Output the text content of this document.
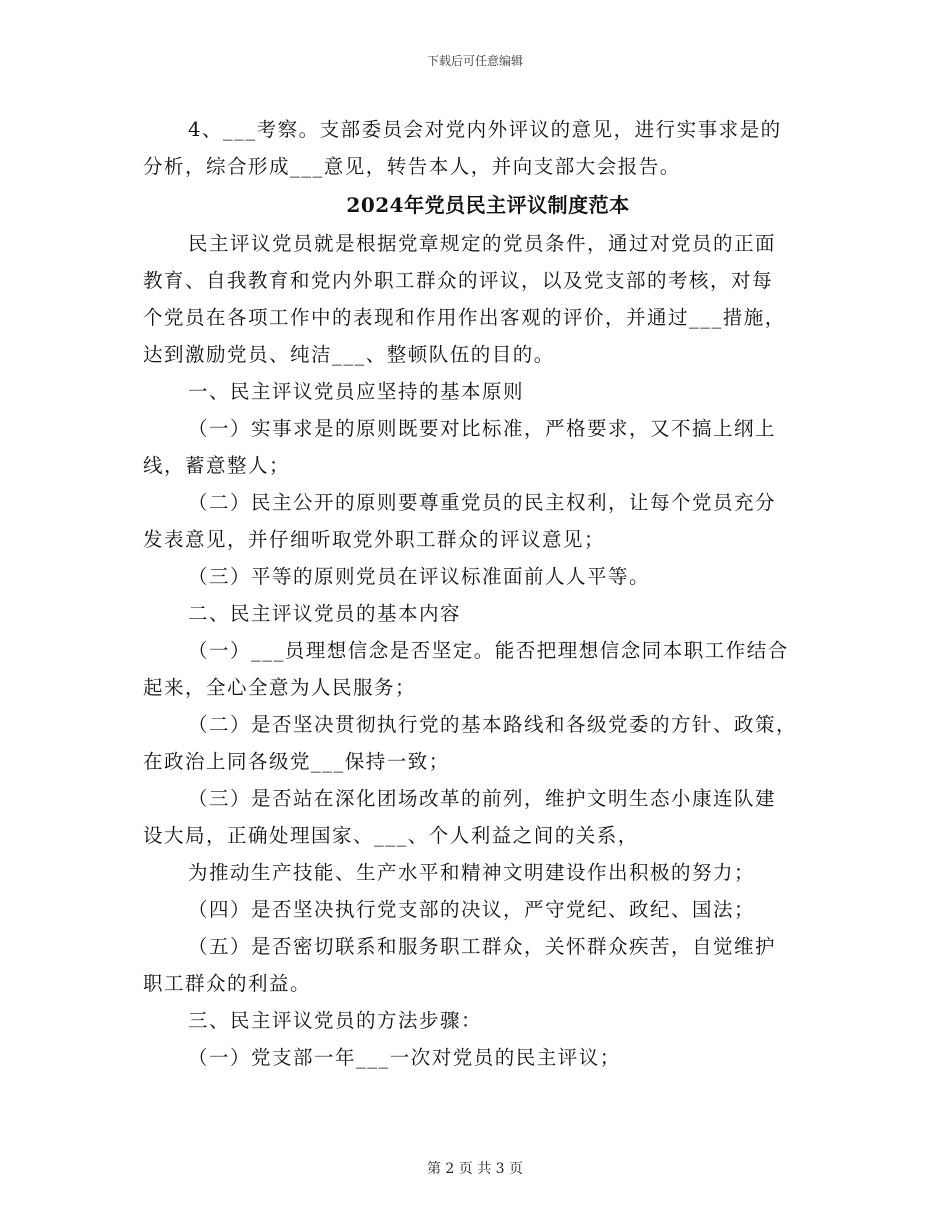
下载后可任意编辑

4、___考察。支部委员会对党内外评议的意见，进行实事求是的

分析，综合形成___意见，转告本人，并向支部大会报告。

2024年党员民主评议制度范本

民主评议党员就是根据党章规定的党员条件，通过对党员的正面

教育、自我教育和党内外职工群众的评议，以及党支部的考核，对每

个党员在各项工作中的表现和作用作出客观的评价，并通过___措施，

达到激励党员、纯洁___、整顿队伍的目的。

一、民主评议党员应坚持的基本原则

（一）实事求是的原则既要对比标准，严格要求，又不搞上纲上

线，蓄意整人；

（二）民主公开的原则要尊重党员的民主权利，让每个党员充分

发表意见，并仔细听取党外职工群众的评议意见；

（三）平等的原则党员在评议标准面前人人平等。

二、民主评议党员的基本内容

（一）___员理想信念是否坚定。能否把理想信念同本职工作结合

起来，全心全意为人民服务；

（二）是否坚决贯彻执行党的基本路线和各级党委的方针、政策，

在政治上同各级党___保持一致；

（三）是否站在深化团场改革的前列，维护文明生态小康连队建

设大局，正确处理国家、___、个人利益之间的关系，

为推动生产技能、生产水平和精神文明建设作出积极的努力；

（四）是否坚决执行党支部的决议，严守党纪、政纪、国法；

（五）是否密切联系和服务职工群众，关怀群众疾苦，自觉维护

职工群众的利益。

三、民主评议党员的方法步骤：

（一）党支部一年___一次对党员的民主评议；

第 2 页 共 3 页
